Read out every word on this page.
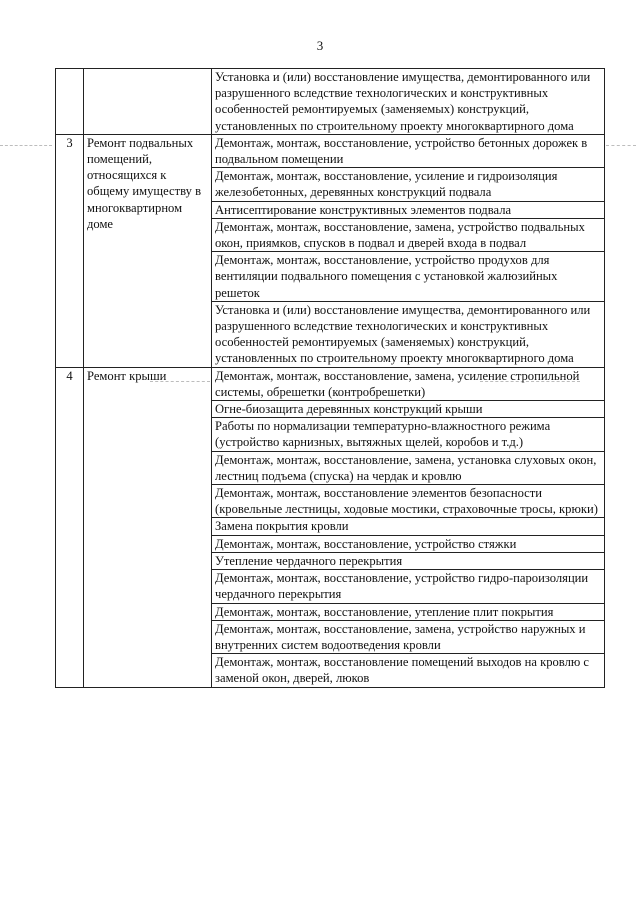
3
		Установка и (или) восстановление имущества, демонтированного или разрушенного вследствие технологических и конструктивных особенностей ремонтируемых (заменяемых) конструкций, установленных по строительному проекту многоквартирного дома
3	Ремонт подвальных помещений, относящихся к общему имуществу в многоквартирном доме	Демонтаж, монтаж, восстановление, устройство бетонных дорожек в подвальном помещении
		Демонтаж, монтаж, восстановление, усиление и гидроизоляция железобетонных, деревянных конструкций подвала
		Антисептирование конструктивных элементов подвала
		Демонтаж, монтаж, восстановление, замена, устройство подвальных окон, приямков, спусков в подвал и дверей входа в подвал
		Демонтаж, монтаж, восстановление, устройство продухов для вентиляции подвального помещения с установкой жалюзийных решеток
		Установка и (или) восстановление имущества, демонтированного или разрушенного вследствие технологических и конструктивных особенностей ремонтируемых (заменяемых) конструкций, установленных по строительному проекту многоквартирного дома
4	Ремонт крыши	Демонтаж, монтаж, восстановление, замена, усиление стропильной системы, обрешетки (контробрешетки)
		Огне-биозащита деревянных конструкций крыши
		Работы по нормализации температурно-влажностного режима (устройство карнизных, вытяжных щелей, коробов и т.д.)
		Демонтаж, монтаж, восстановление, замена, установка слуховых окон, лестниц подъема (спуска) на чердак и кровлю
		Демонтаж, монтаж, восстановление элементов безопасности (кровельные лестницы, ходовые мостики, страховочные тросы, крюки)
		Замена покрытия кровли
		Демонтаж, монтаж, восстановление, устройство стяжки
		Утепление чердачного перекрытия
		Демонтаж, монтаж, восстановление, устройство гидро-пароизоляции чердачного перекрытия
		Демонтаж, монтаж, восстановление, утепление плит покрытия
		Демонтаж, монтаж, восстановление, замена, устройство наружных и внутренних систем водоотведения кровли
		Демонтаж, монтаж, восстановление помещений выходов на кровлю с заменой окон, дверей, люков
